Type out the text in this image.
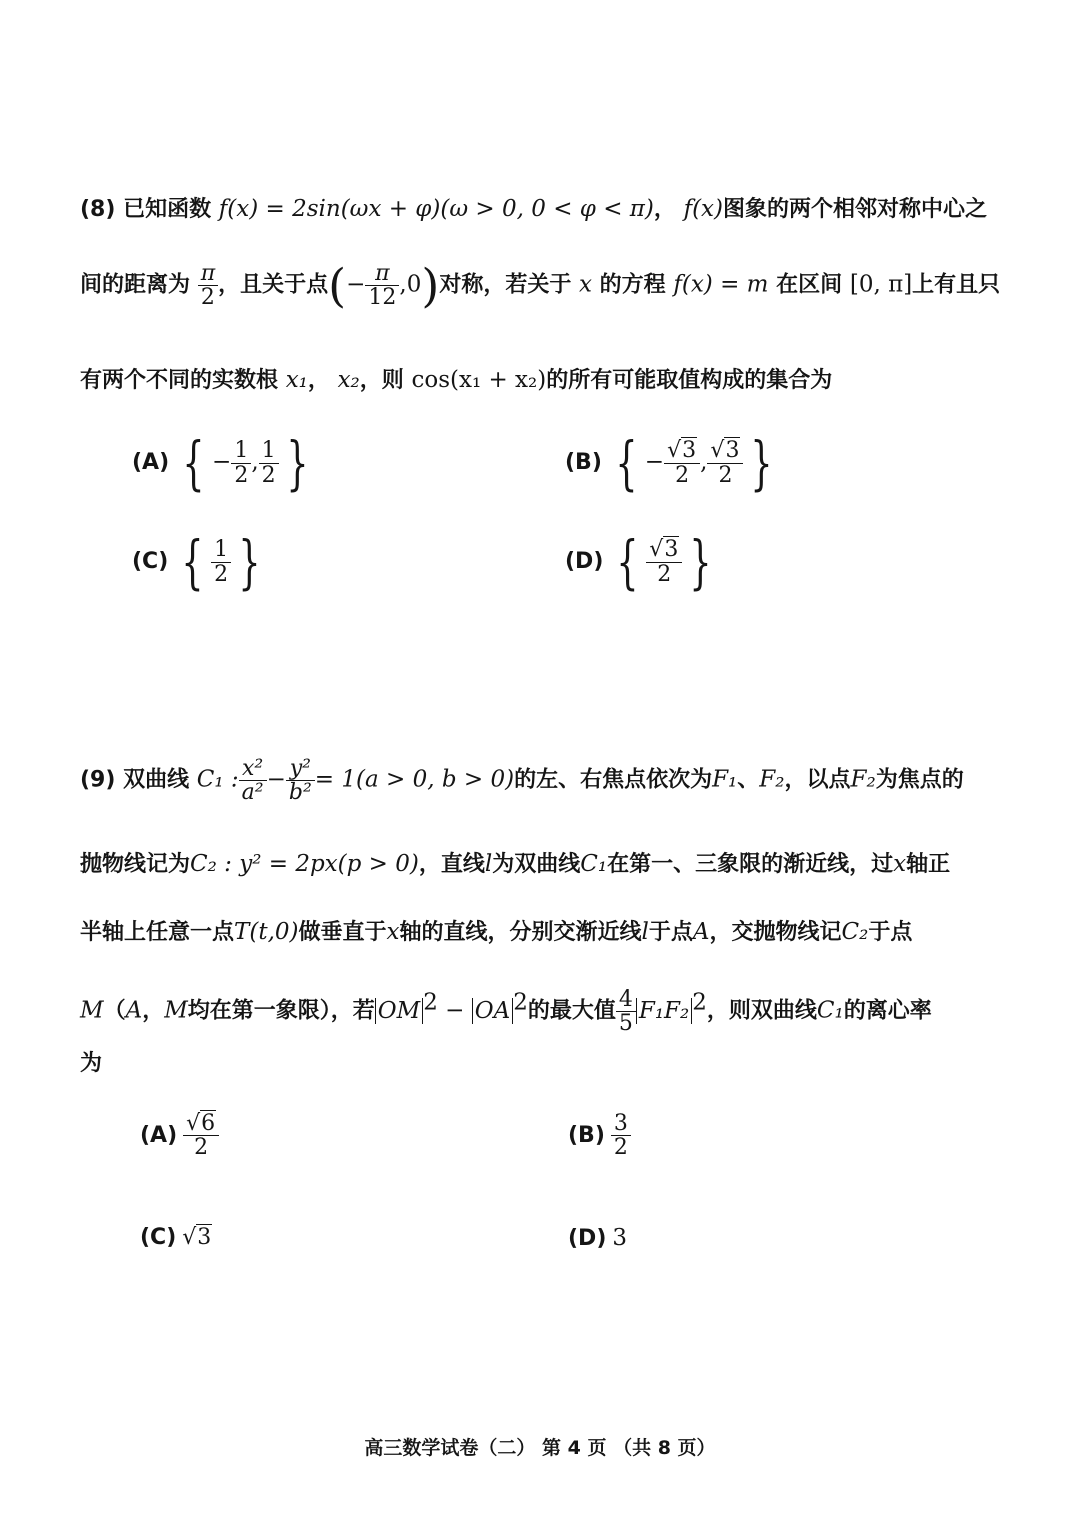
(8) 已知函数 f(x) = 2sin(ωx + φ)(ω > 0, 0 < φ < π)， f(x)图象的两个相邻对称中心之
间的距离为 $\frac{\pi}{2}$ ，且关于点(− $\frac{\pi}{12} ,0$)对称，若关于 x 的方程 f(x) = m 在区间 [0, π]上有且只
有两个不同的实数根 x₁， x₂，则 cos(x₁ + x₂)的所有可能取值构成的集合为
(A) { − $\frac{1}{2}$ , $\frac{1}{2}$ }	(B) { − $\frac{√3}{2}$ , $\frac{√3}{2}$ }
(C) { $\frac{1}{2}$ }	(D) { $\frac{√3}{2}$ }
(9) 双曲线 C₁ : $\frac{\text{x²}}{\text{a²}} - \frac{\text{y²}}{\text{b²}} = 1(a > 0$, b > 0)的左、右焦点依次为F₁、F₂，以点F₂为焦点的
抛物线记为C₂ : y² = 2px(p > 0)，直线l为双曲线C₁在第一、三象限的渐近线，过x轴正
半轴上任意一点T(t,0)做垂直于x轴的直线，分别交渐近线l于点A，交抛物线记C₂于点
M（A，M均在第一象限），若 OM $^2$ − OA $^2$的最大值 $\frac{4}{5} F_1F_2$ $^2$，则双曲线C₁的离心率
为
$(A) \frac{√6}{2}$	$(B) \frac{3}{2}$
(C) √3	(D) 3
高三数学试卷（二） 第 4 页 （共 8 页）
